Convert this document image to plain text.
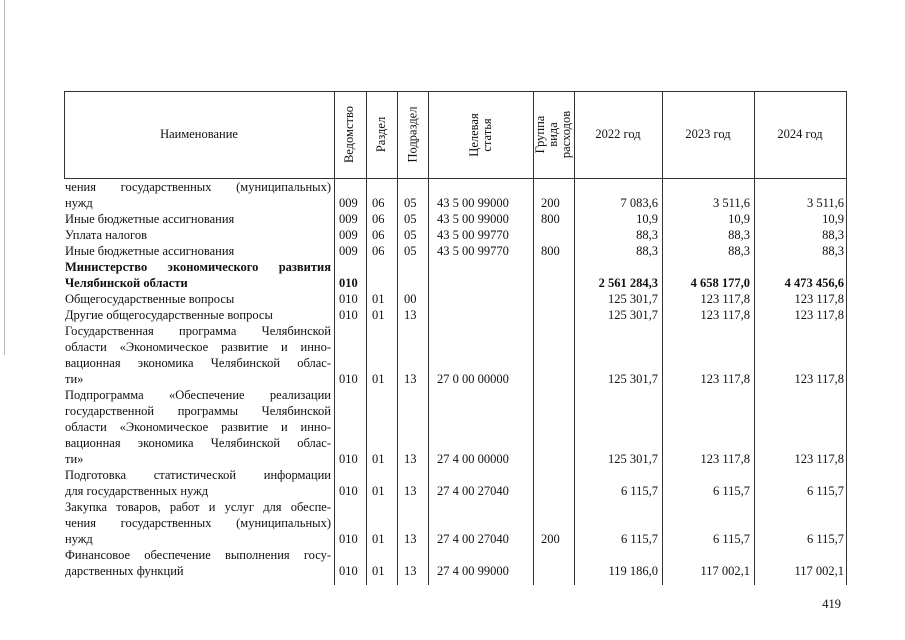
Наименование	Ведомство Раздел Подраздел	Целевая статья	Группа вида расходов	2022 год	2023 год	2024 год
чения государственных (муниципальных)
нужд	009 06 05 43 5 00 99000	200	7 083,6	3 511,6	3 511,6
Иные бюджетные ассигнования	009 06 05 43 5 00 99000	800	10,9	10,9	10,9
Уплата налогов	009 06 05 43 5 00 99770	88,3	88,3	88,3
Иные бюджетные ассигнования	009 06 05 43 5 00 99770	800	88,3	88,3	88,3
Министерство экономического развития
Челябинской области	010	2 561 284,3	4 658 177,0	4 473 456,6
Общегосударственные вопросы	010 01 00	125 301,7	123 117,8	123 117,8
Другие общегосударственные вопросы	010 01 13	125 301,7	123 117,8	123 117,8
Государственная программа Челябинской
области «Экономическое развитие и инно-
вационная экономика Челябинской облас-
ти»	010 01 13 27 0 00 00000	125 301,7	123 117,8	123 117,8
Подпрограмма «Обеспечение реализации
государственной программы Челябинской
области «Экономическое развитие и инно-
вационная экономика Челябинской облас-
ти»	010 01 13 27 4 00 00000	125 301,7	123 117,8	123 117,8
Подготовка статистической информации
для государственных нужд	010 01 13 27 4 00 27040	6 115,7	6 115,7	6 115,7
Закупка товаров, работ и услуг для обеспе-
чения государственных (муниципальных)
нужд	010 01 13 27 4 00 27040	200	6 115,7	6 115,7	6 115,7
Финансовое обеспечение выполнения госу-
дарственных функций	010 01 13 27 4 00 99000	119 186,0	117 002,1	117 002,1
419
